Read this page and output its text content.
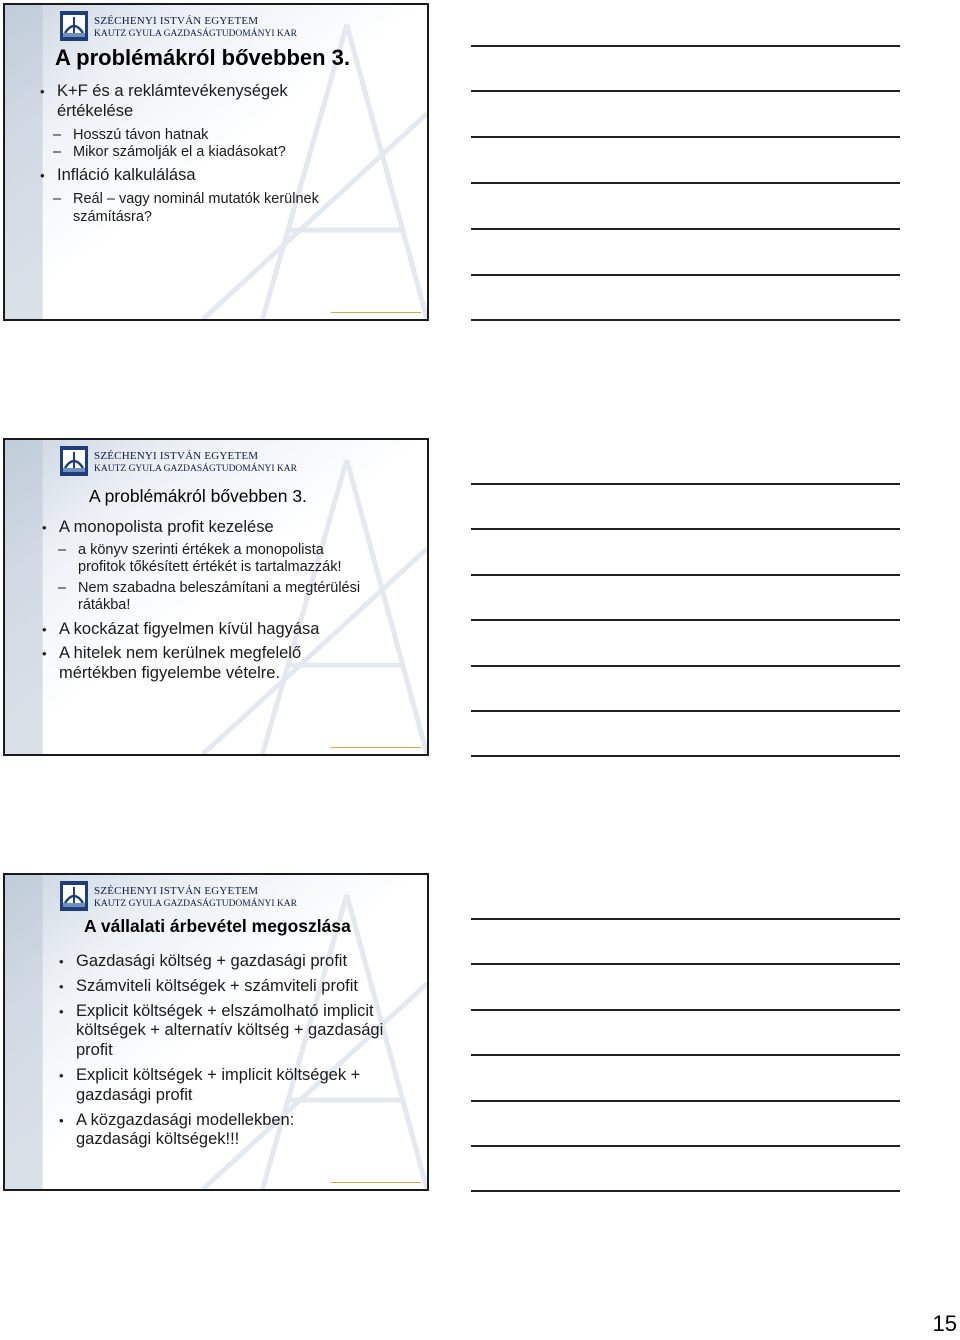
SZÉCHENYI ISTVÁN EGYETEM
KAUTZ GYULA GAZDASÁGTUDOMÁNYI KAR
A problémákról bővebben 3.
• K+F és a reklámtevékenységek értékelése
– Hosszú távon hatnak
– Mikor számolják el a kiadásokat?
• Infláció kalkulálása
– Reál – vagy nominál mutatók kerülnek számításra?
SZÉCHENYI ISTVÁN EGYETEM
KAUTZ GYULA GAZDASÁGTUDOMÁNYI KAR
A problémákról bővebben 3.
• A monopolista profit kezelése
– a könyv szerinti értékek a monopolista profitok tőkésített értékét is tartalmazzák!
– Nem szabadna beleszámítani a megtérülési rátákba!
• A kockázat figyelmen kívül hagyása
• A hitelek nem kerülnek megfelelő mértékben figyelembe vételre.
SZÉCHENYI ISTVÁN EGYETEM
KAUTZ GYULA GAZDASÁGTUDOMÁNYI KAR
A vállalati árbevétel megoszlása
• Gazdasági költség + gazdasági profit
• Számviteli költségek + számviteli profit
• Explicit költségek + elszámolható implicit költségek + alternatív költség + gazdasági profit
• Explicit költségek + implicit költségek + gazdasági profit
• A közgazdasági modellekben: gazdasági költségek!!!
15
